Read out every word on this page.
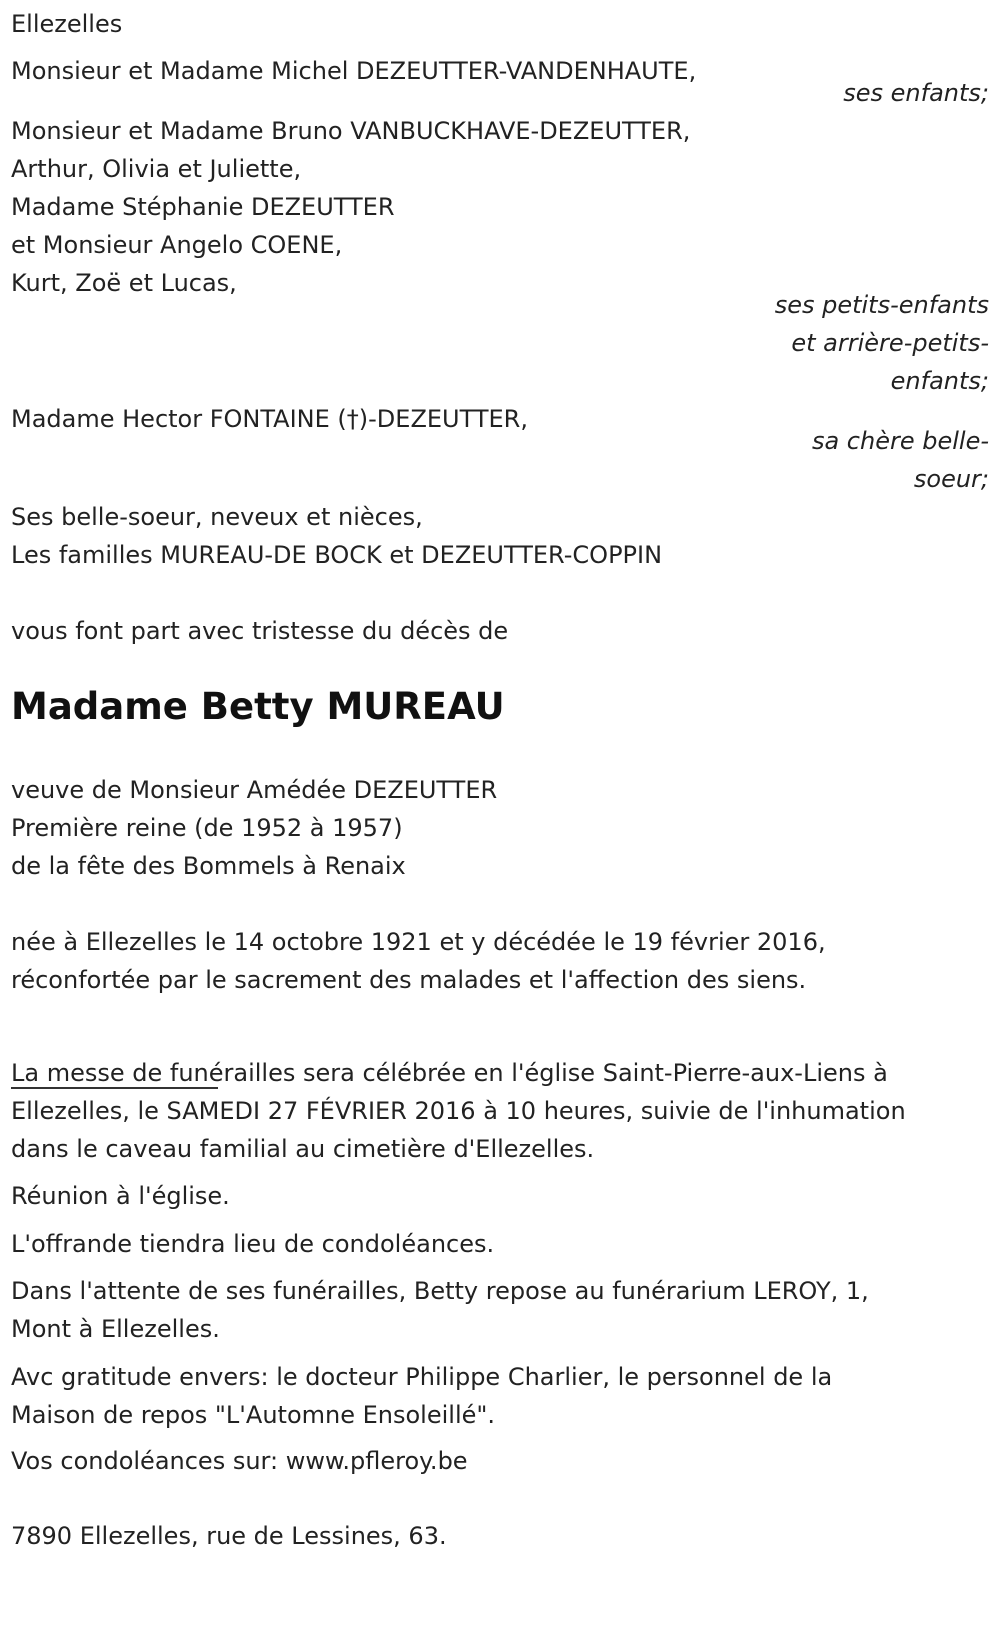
Ellezelles
Monsieur et Madame Michel DEZEUTTER-VANDENHAUTE,
ses enfants;
Monsieur et Madame Bruno VANBUCKHAVE-DEZEUTTER,
Arthur, Olivia et Juliette,
Madame Stéphanie DEZEUTTER
et Monsieur Angelo COENE,
Kurt, Zoë et Lucas,
ses petits-enfants
et arrière-petits-
enfants;
Madame Hector FONTAINE (†)-DEZEUTTER,
sa chère belle-
soeur;
Ses belle-soeur, neveux et nièces,
Les familles MUREAU-DE BOCK et DEZEUTTER-COPPIN
vous font part avec tristesse du décès de
Madame Betty MUREAU
veuve de Monsieur Amédée DEZEUTTER
Première reine (de 1952 à 1957)
de la fête des Bommels à Renaix
née à Ellezelles le 14 octobre 1921 et y décédée le 19 février 2016,
réconfortée par le sacrement des malades et l'affection des siens.
La messe de funérailles sera célébrée en l'église Saint-Pierre-aux-Liens à
Ellezelles, le SAMEDI 27 FÉVRIER 2016 à 10 heures, suivie de l'inhumation
dans le caveau familial au cimetière d'Ellezelles.
Réunion à l'église.
L'offrande tiendra lieu de condoléances.
Dans l'attente de ses funérailles, Betty repose au funérarium LEROY, 1,
Mont à Ellezelles.
Avc gratitude envers: le docteur Philippe Charlier, le personnel de la
Maison de repos "L'Automne Ensoleillé".
Vos condoléances sur: www.pfleroy.be
7890 Ellezelles, rue de Lessines, 63.
